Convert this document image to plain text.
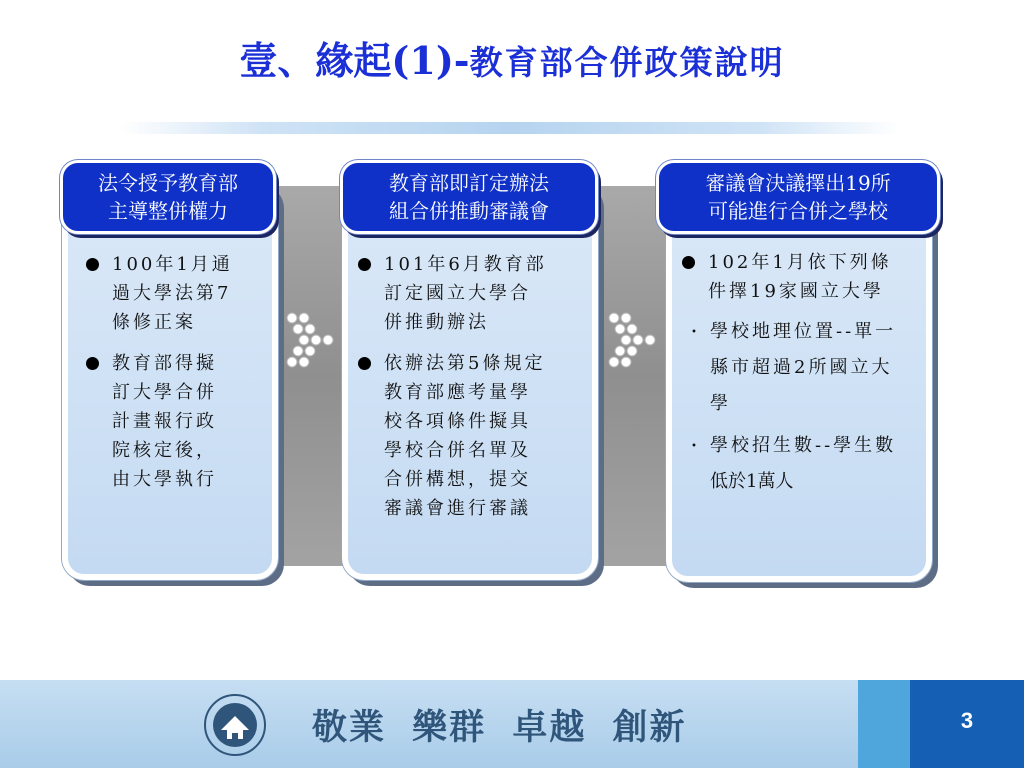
壹、緣起(1)-教育部合併政策說明
法令授予教育部
主導整併權力
100年1月通
過大學法第7
條修正案
教育部得擬
訂大學合併
計畫報行政
院核定後，
由大學執行
教育部即訂定辦法
組合併推動審議會
101年6月教育部
訂定國立大學合
併推動辦法
依辦法第5條規定
教育部應考量學
校各項條件擬具
學校合併名單及
合併構想，提交
審議會進行審議
審議會決議擇出19所
可能進行合併之學校
102年1月依下列條
件擇19家國立大學
・ 學校地理位置--單一
縣市超過2所國立大
學
・ 學校招生數--學生數
低於1萬人
3
敬業 樂群 卓越 創新
